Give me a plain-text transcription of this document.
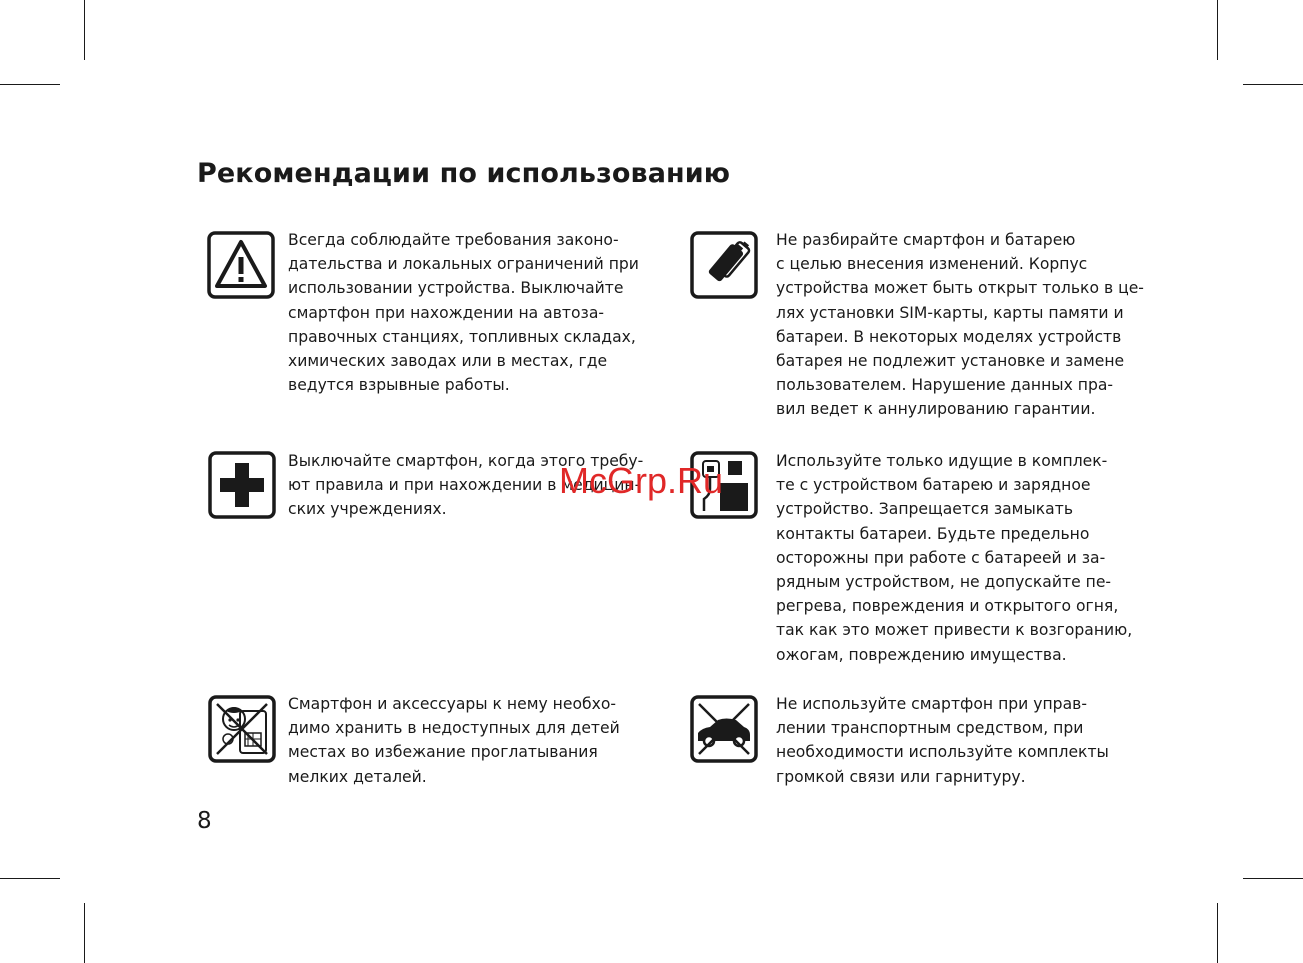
Рекомендации по использованию

Всегда соблюдайте требования законо-
дательства и локальных ограничений при
использовании устройства. Выключайте
смартфон при нахождении на автоза-
правочных станциях, топливных складах,
химических заводах или в местах, где
ведутся взрывные работы.

Не разбирайте смартфон и батарею
с целью внесения изменений. Корпус
устройства может быть открыт только в це-
лях установки SIM-карты, карты памяти и
батареи. В некоторых моделях устройств
батарея не подлежит установке и замене
пользователем. Нарушение данных пра-
вил ведет к аннулированию гарантии.

Выключайте смартфон, когда этого требу-
ют правила и при нахождении в медицин-
ских учреждениях.

Используйте только идущие в комплек-
те с устройством батарею и зарядное
устройство. Запрещается замыкать
контакты батареи. Будьте предельно
осторожны при работе с батареей и за-
рядным устройством, не допускайте пе-
регрева, повреждения и открытого огня,
так как это может привести к возгоранию,
ожогам, повреждению имущества.

Смартфон и аксессуары к нему необхо-
димо хранить в недоступных для детей
местах во избежание проглатывания
мелких деталей.

Не используйте смартфон при управ-
лении транспортным средством, при
необходимости используйте комплекты
громкой связи или гарнитуру.

McGrp.Ru
8
